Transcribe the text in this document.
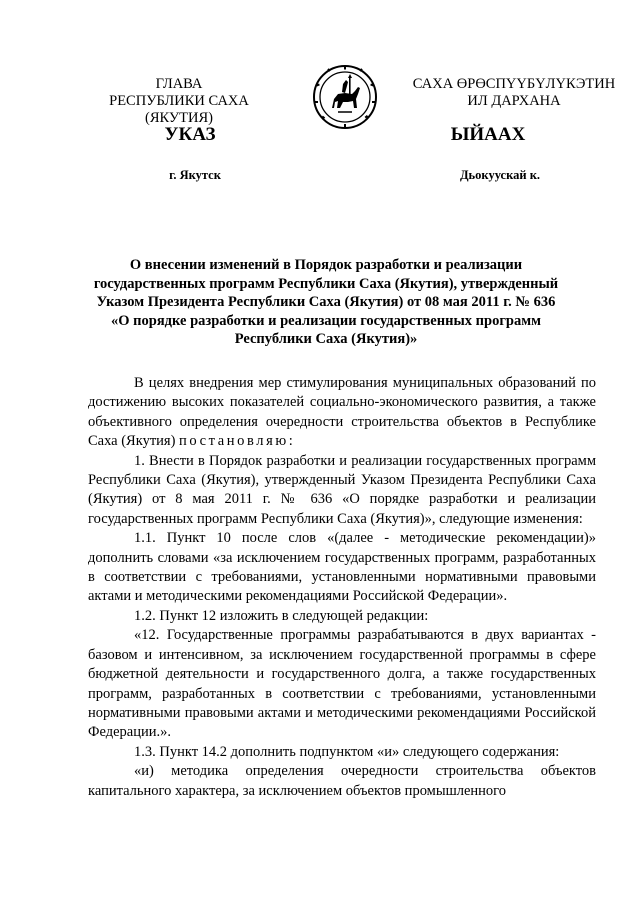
ГЛАВА
РЕСПУБЛИКИ САХА (ЯКУТИЯ)
САХА ӨРӨСПҮҮБҮЛҮКЭТИН
ИЛ ДАРХАНА
УКАЗ	ЫЙААХ
г. Якутск	Дьокуускай к.
О внесении изменений в Порядок разработки и реализации государственных программ Республики Саха (Якутия), утвержденный Указом Президента Республики Саха (Якутия) от 08 мая 2011 г. № 636 «О порядке разработки и реализации государственных программ Республики Саха (Якутия)»

В целях внедрения мер стимулирования муниципальных образований по достижению высоких показателей социально-экономического развития, а также объективного определения очередности строительства объектов в Республике Саха (Якутия) постановляю:

1. Внести в Порядок разработки и реализации государственных программ Республики Саха (Якутия), утвержденный Указом Президента Республики Саха (Якутия) от 8 мая 2011 г. № 636 «О порядке разработки и реализации государственных программ Республики Саха (Якутия)», следующие изменения:

1.1. Пункт 10 после слов «(далее - методические рекомендации)» дополнить словами «за исключением государственных программ, разработанных в соответствии с требованиями, установленными нормативными правовыми актами и методическими рекомендациями Российской Федерации».

1.2. Пункт 12 изложить в следующей редакции:

«12. Государственные программы разрабатываются в двух вариантах - базовом и интенсивном, за исключением государственной программы в сфере бюджетной деятельности и государственного долга, а также государственных программ, разработанных в соответствии с требованиями, установленными нормативными правовыми актами и методическими рекомендациями Российской Федерации.».

1.3. Пункт 14.2 дополнить подпунктом «и» следующего содержания:

«и) методика определения очередности строительства объектов капитального характера, за исключением объектов промышленного
